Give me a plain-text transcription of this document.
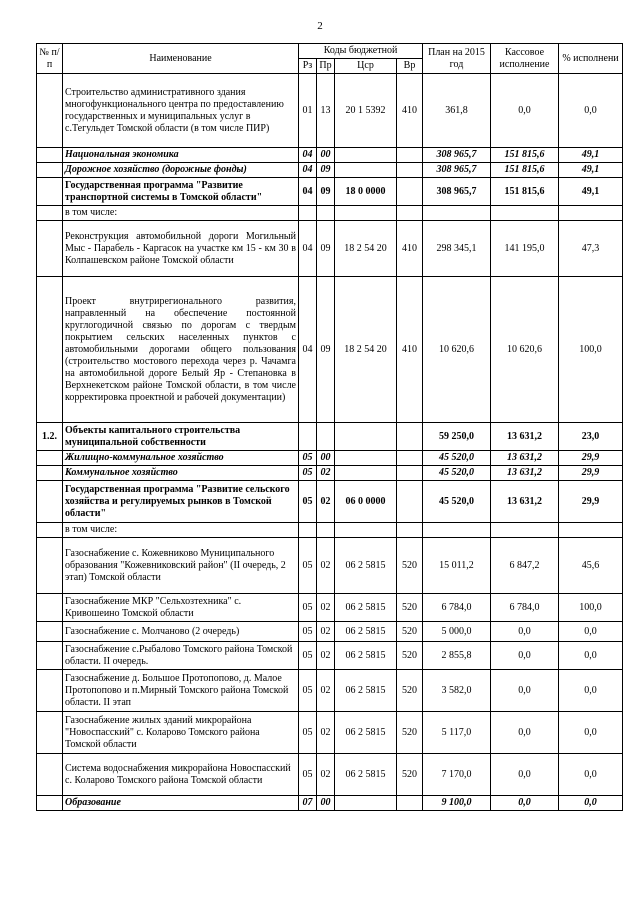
2
№ п/п	Наименование	Коды бюджетной				План на 2015 год	Кассовое исполнение	% исполнени
		Рз	Пр	Цср	Вр			
	Строительство административного здания многофункционального центра по предоставлению государственных и муниципальных услуг в с.Тегульдет Томской области (в том числе ПИР)	01	13	20 1 5392	410	361,8	0,0	0,0
	Национальная экономика	04	00			308 965,7	151 815,6	49,1
	Дорожное хозяйство (дорожные фонды)	04	09			308 965,7	151 815,6	49,1
	Государственная программа "Развитие транспортной системы в Томской области"	04	09	18 0 0000		308 965,7	151 815,6	49,1
	в том числе:							
	Реконструкция автомобильной дороги Могильный Мыс - Парабель - Каргасок на участке км 15 - км 30 в Колпашевском районе Томской области	04	09	18 2 54 20	410	298 345,1	141 195,0	47,3
	Проект внутрирегионального развития, направленный на обеспечение постоянной круглогодичной связью по дорогам с твердым покрытием сельских населенных пунктов с автомобильными дорогами общего пользования (строительство мостового перехода через р. Чачамга на автомобильной дороге Белый Яр - Степановка в Верхнекетском районе Томской области, в том числе корректировка проектной и рабочей документации)	04	09	18 2 54 20	410	10 620,6	10 620,6	100,0
1.2.	Объекты капитального строительства муниципальной собственности					59 250,0	13 631,2	23,0
	Жилищно-коммунальное хозяйство	05	00			45 520,0	13 631,2	29,9
	Коммунальное хозяйство	05	02			45 520,0	13 631,2	29,9
	Государственная программа "Развитие сельского хозяйства и регулируемых рынков в Томской области"	05	02	06 0 0000		45 520,0	13 631,2	29,9
	в том числе:							
	Газоснабжение с. Кожевниково Муниципального образования "Кожевниковский район" (II очередь, 2 этап) Томской области	05	02	06 2 5815	520	15 011,2	6 847,2	45,6
	Газоснабжение МКР "Сельхозтехника" с. Кривошеино Томской области	05	02	06 2 5815	520	6 784,0	6 784,0	100,0
	Газоснабжение с. Молчаново (2 очередь)	05	02	06 2 5815	520	5 000,0	0,0	0,0
	Газоснабжение с.Рыбалово Томского района Томской области. II очередь.	05	02	06 2 5815	520	2 855,8	0,0	0,0
	Газоснабжение д. Большое Протопопово, д. Малое Протопопово и п.Мирный Томского района Томской области. II этап	05	02	06 2 5815	520	3 582,0	0,0	0,0
	Газоснабжение жилых зданий микрорайона "Новоспасский" с. Коларово Томского района Томской области	05	02	06 2 5815	520	5 117,0	0,0	0,0
	Система водоснабжения микрорайона Новоспасский с. Коларово Томского района Томской области	05	02	06 2 5815	520	7 170,0	0,0	0,0
	Образование	07	00			9 100,0	0,0	0,0
